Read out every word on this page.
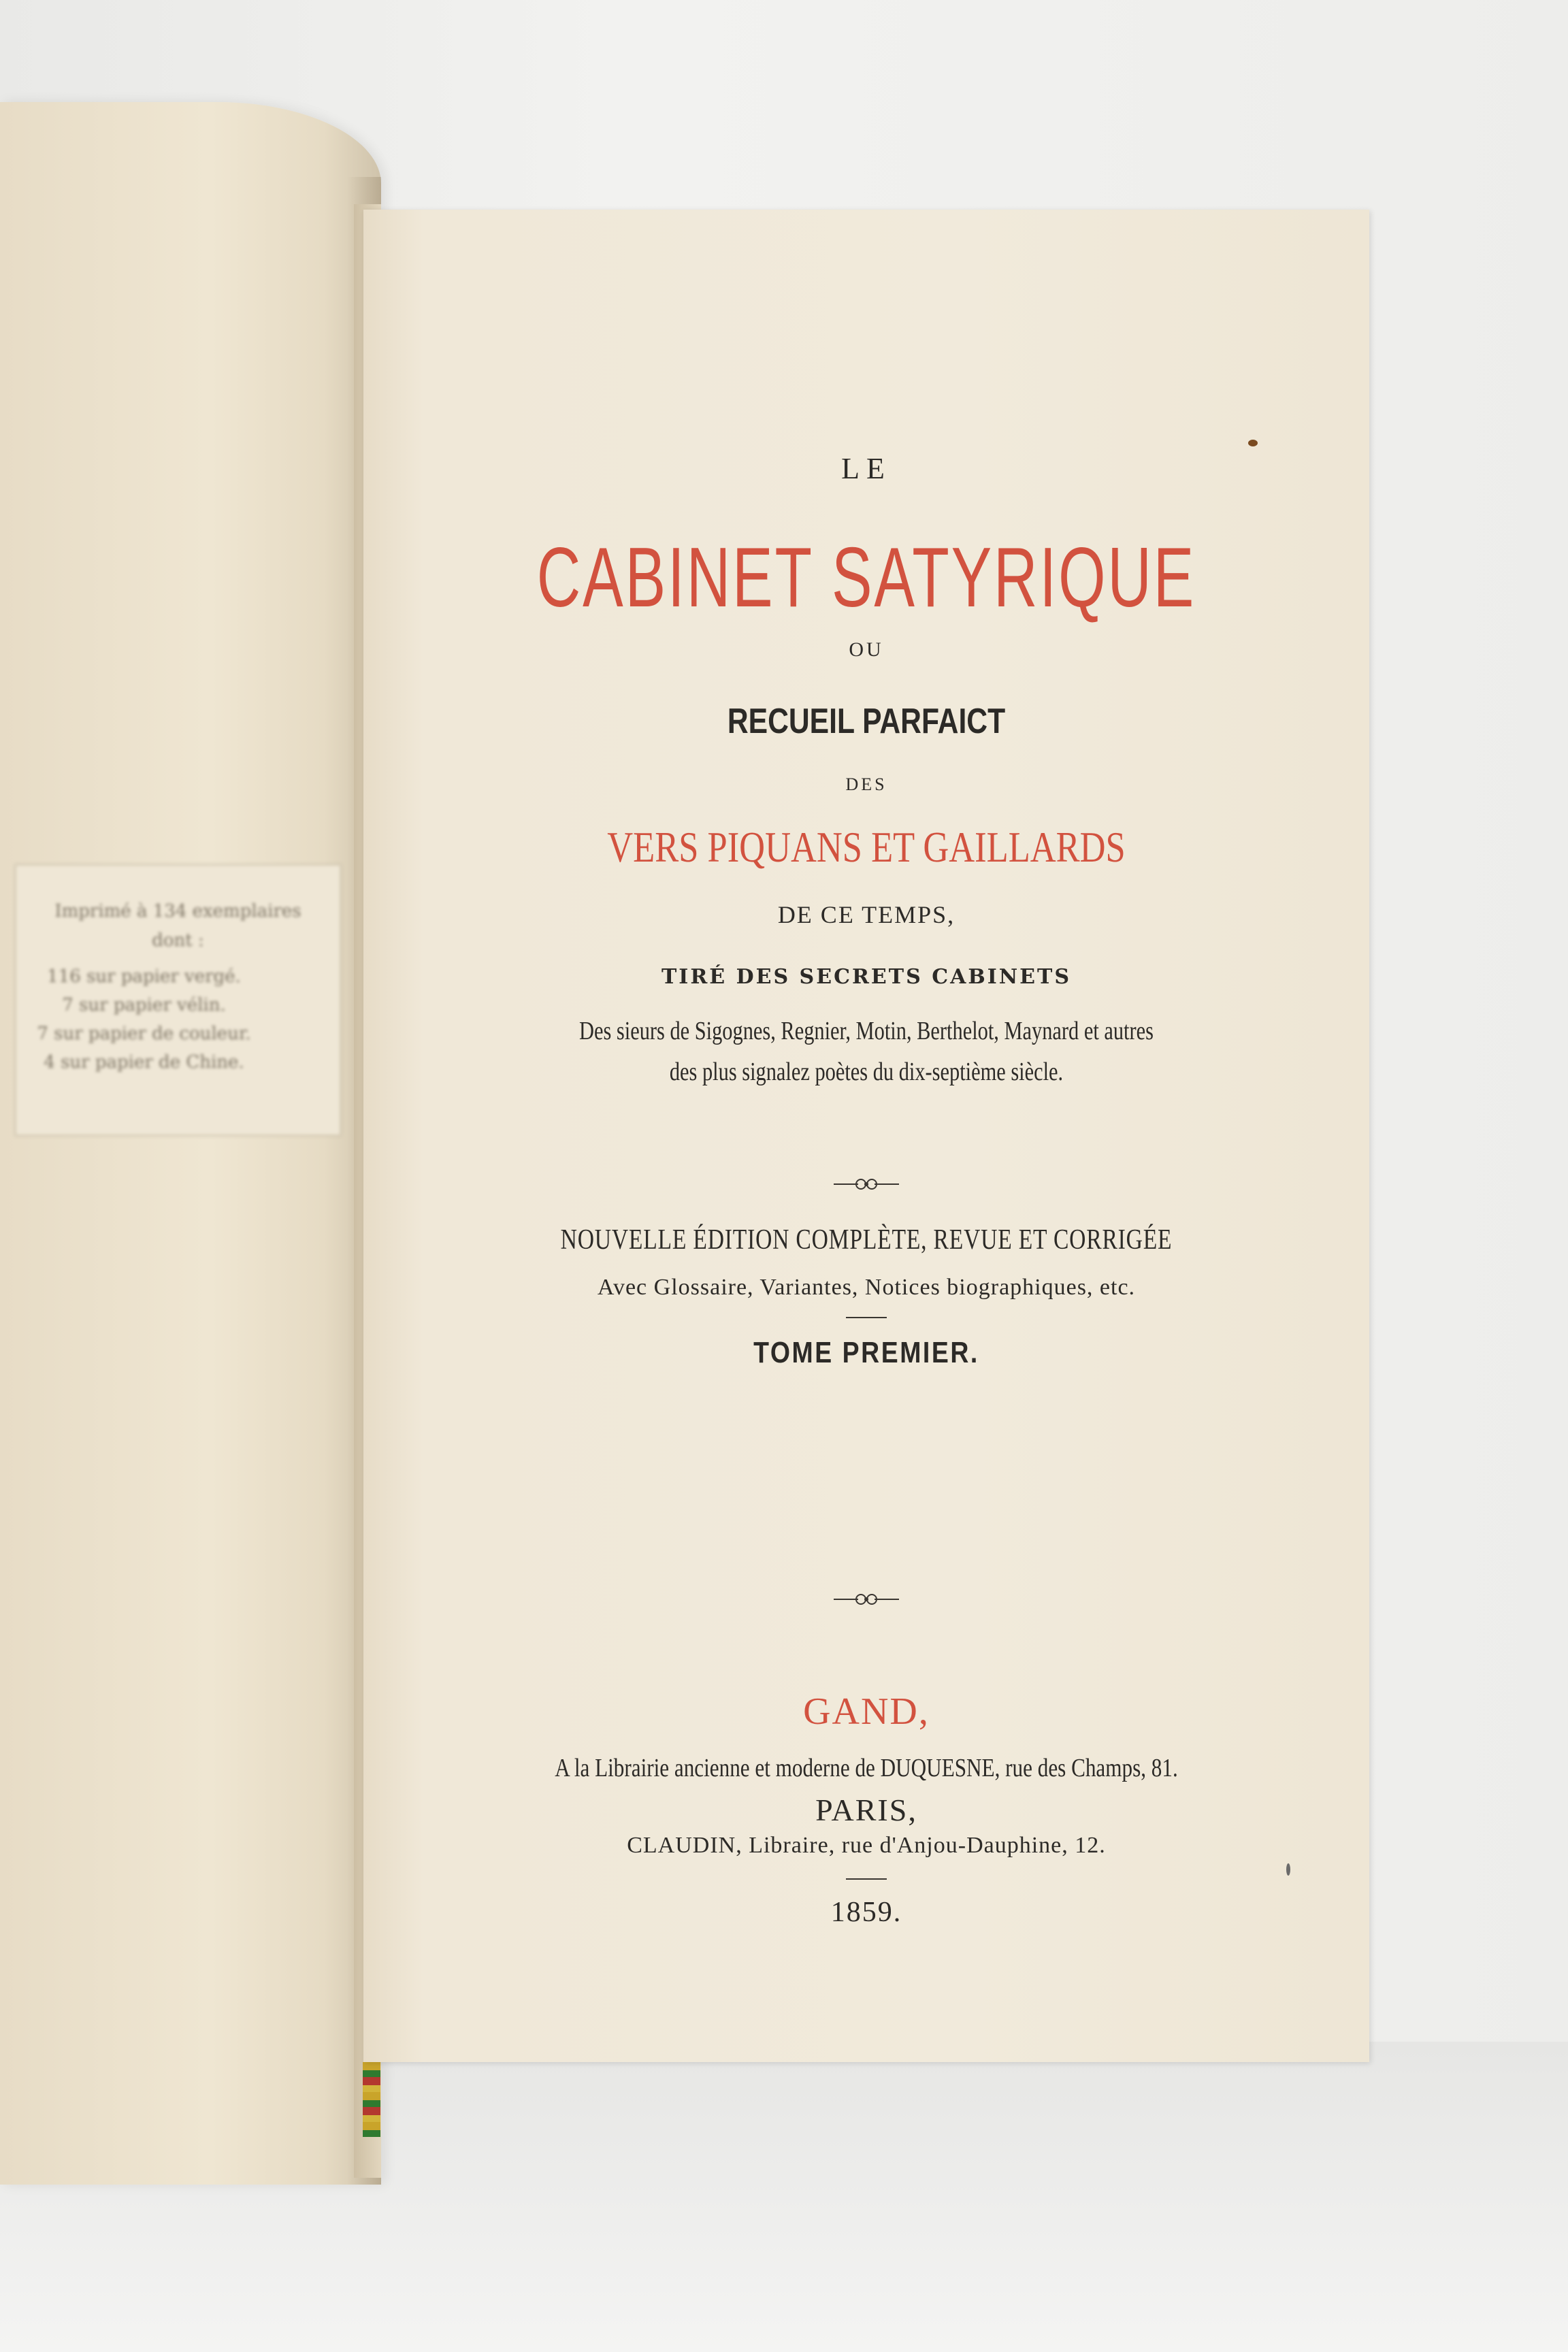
Imprimé à 134 exemplaires
dont :
116 sur papier vergé.
7 sur papier vélin.
7 sur papier de couleur.
4 sur papier de Chine.
LE
CABINET SATYRIQUE
OU
RECUEIL PARFAICT
DES
VERS PIQUANS ET GAILLARDS
DE CE TEMPS,
TIRÉ DES SECRETS CABINETS
Des sieurs de Sigognes, Regnier, Motin, Berthelot, Maynard et autres
des plus signalez poètes du dix-septième siècle.
NOUVELLE ÉDITION COMPLÈTE, REVUE ET CORRIGÉE
Avec Glossaire, Variantes, Notices biographiques, etc.
TOME PREMIER.
GAND,
A la Librairie ancienne et moderne de DUQUESNE, rue des Champs, 81.
PARIS,
CLAUDIN, Libraire, rue d'Anjou-Dauphine, 12.
1859.
